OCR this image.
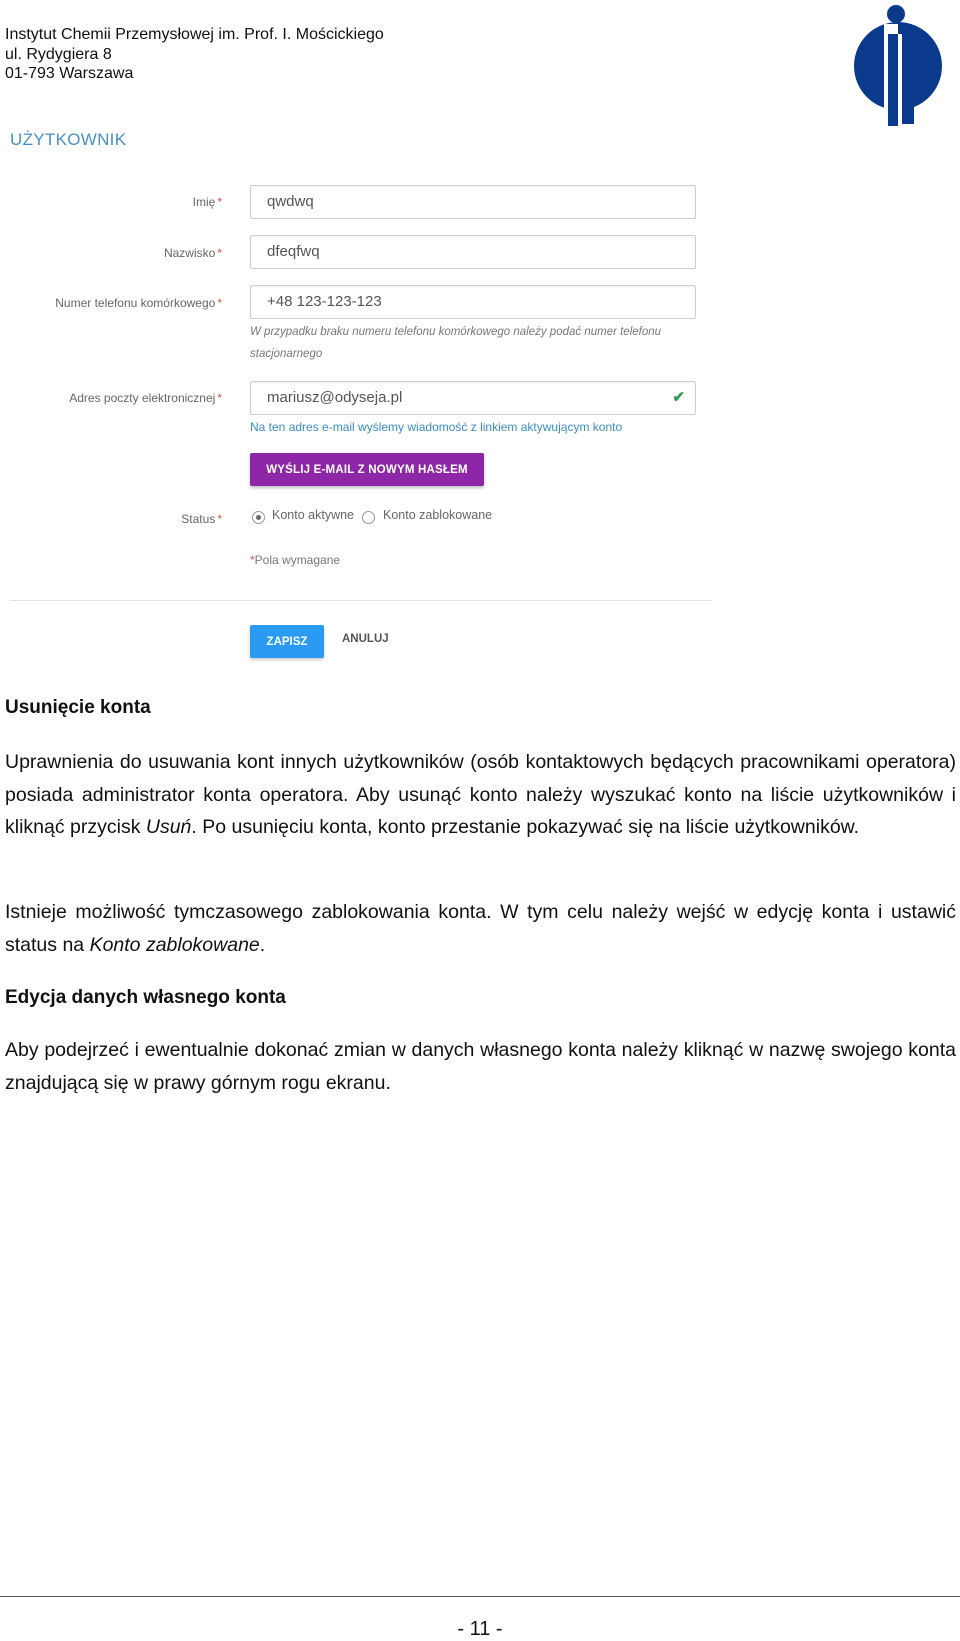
Instytut Chemii Przemysłowej im. Prof. I. Mościckiego
ul. Rydygiera 8
01-793 Warszawa
UŻYTKOWNIK
Imię *	qwdwq
Nazwisko *	dfeqfwq
Numer telefonu komórkowego *	+48 123-123-123
W przypadku braku numeru telefonu komórkowego należy podać numer telefonu
stacjonarnego
Adres poczty elektronicznej *	mariusz@odyseja.pl	✔
Na ten adres e-mail wyślemy wiadomość z linkiem aktywującym konto
WYŚLIJ E-MAIL Z NOWYM HASŁEM
Status *	Konto aktywne Konto zablokowane
*Pola wymagane
ZAPISZ	ANULUJ
Usunięcie konta
Uprawnienia do usuwania kont innych użytkowników (osób kontaktowych będących pracownikami operatora) posiada administrator konta operatora. Aby usunąć konto należy wyszukać konto na liście użytkowników i kliknąć przycisk Usuń. Po usunięciu konta, konto przestanie pokazywać się na liście użytkowników.
Istnieje możliwość tymczasowego zablokowania konta. W tym celu należy wejść w edycję konta i ustawić status na Konto zablokowane.
Edycja danych własnego konta
Aby podejrzeć i ewentualnie dokonać zmian w danych własnego konta należy kliknąć w nazwę swojego konta znajdującą się w prawy górnym rogu ekranu.
- 11 -
